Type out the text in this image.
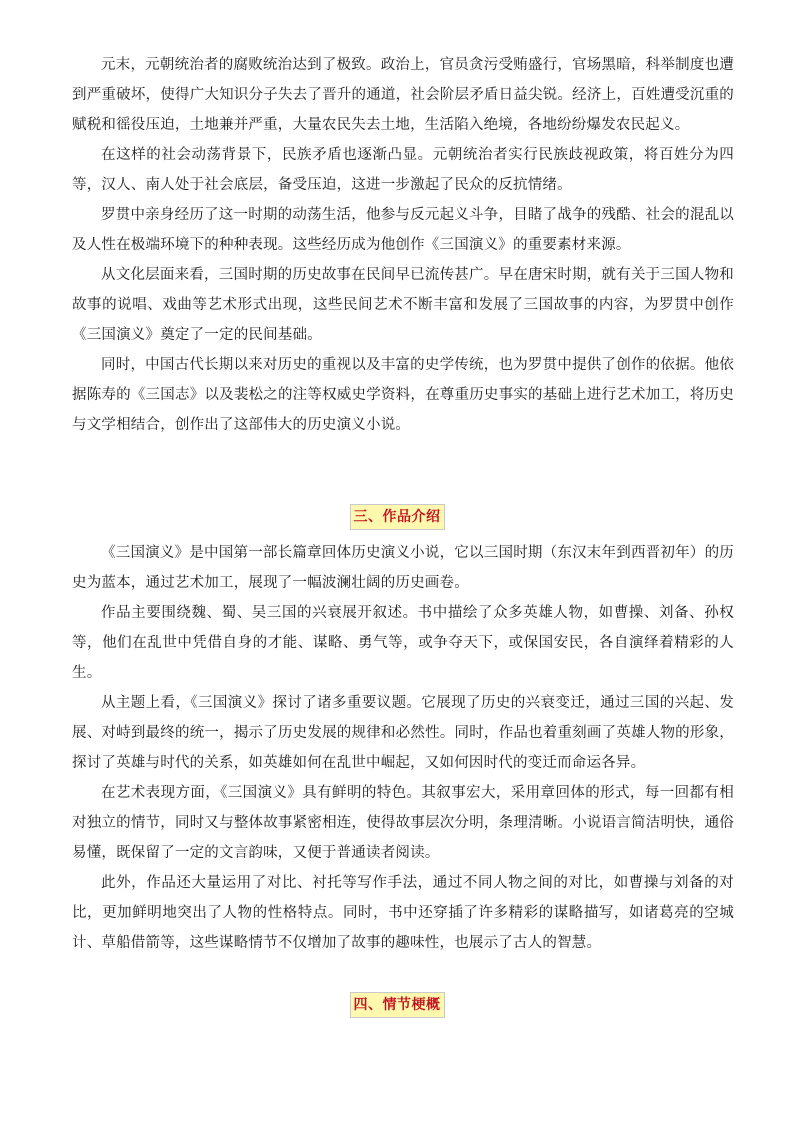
元末，元朝统治者的腐败统治达到了极致。政治上，官员贪污受贿盛行，官场黑暗，科举制度也遭到严重破坏，使得广大知识分子失去了晋升的通道，社会阶层矛盾日益尖锐。经济上，百姓遭受沉重的赋税和徭役压迫，土地兼并严重，大量农民失去土地，生活陷入绝境，各地纷纷爆发农民起义。

在这样的社会动荡背景下，民族矛盾也逐渐凸显。元朝统治者实行民族歧视政策，将百姓分为四等，汉人、南人处于社会底层，备受压迫，这进一步激起了民众的反抗情绪。

罗贯中亲身经历了这一时期的动荡生活，他参与反元起义斗争，目睹了战争的残酷、社会的混乱以及人性在极端环境下的种种表现。这些经历成为他创作《三国演义》的重要素材来源。

从文化层面来看，三国时期的历史故事在民间早已流传甚广。早在唐宋时期，就有关于三国人物和故事的说唱、戏曲等艺术形式出现，这些民间艺术不断丰富和发展了三国故事的内容，为罗贯中创作《三国演义》奠定了一定的民间基础。

同时，中国古代长期以来对历史的重视以及丰富的史学传统，也为罗贯中提供了创作的依据。他依据陈寿的《三国志》以及裴松之的注等权威史学资料，在尊重历史事实的基础上进行艺术加工，将历史与文学相结合，创作出了这部伟大的历史演义小说。

三、作品介绍

《三国演义》是中国第一部长篇章回体历史演义小说，它以三国时期（东汉末年到西晋初年）的历史为蓝本，通过艺术加工，展现了一幅波澜壮阔的历史画卷。

作品主要围绕魏、蜀、吴三国的兴衰展开叙述。书中描绘了众多英雄人物，如曹操、刘备、孙权等，他们在乱世中凭借自身的才能、谋略、勇气等，或争夺天下，或保国安民，各自演绎着精彩的人生。

从主题上看，《三国演义》探讨了诸多重要议题。它展现了历史的兴衰变迁，通过三国的兴起、发展、对峙到最终的统一，揭示了历史发展的规律和必然性。同时，作品也着重刻画了英雄人物的形象，探讨了英雄与时代的关系，如英雄如何在乱世中崛起，又如何因时代的变迁而命运各异。

在艺术表现方面，《三国演义》具有鲜明的特色。其叙事宏大，采用章回体的形式，每一回都有相对独立的情节，同时又与整体故事紧密相连，使得故事层次分明，条理清晰。小说语言简洁明快，通俗易懂，既保留了一定的文言韵味，又便于普通读者阅读。

此外，作品还大量运用了对比、衬托等写作手法，通过不同人物之间的对比，如曹操与刘备的对比，更加鲜明地突出了人物的性格特点。同时，书中还穿插了许多精彩的谋略描写，如诸葛亮的空城计、草船借箭等，这些谋略情节不仅增加了故事的趣味性，也展示了古人的智慧。

四、情节梗概
